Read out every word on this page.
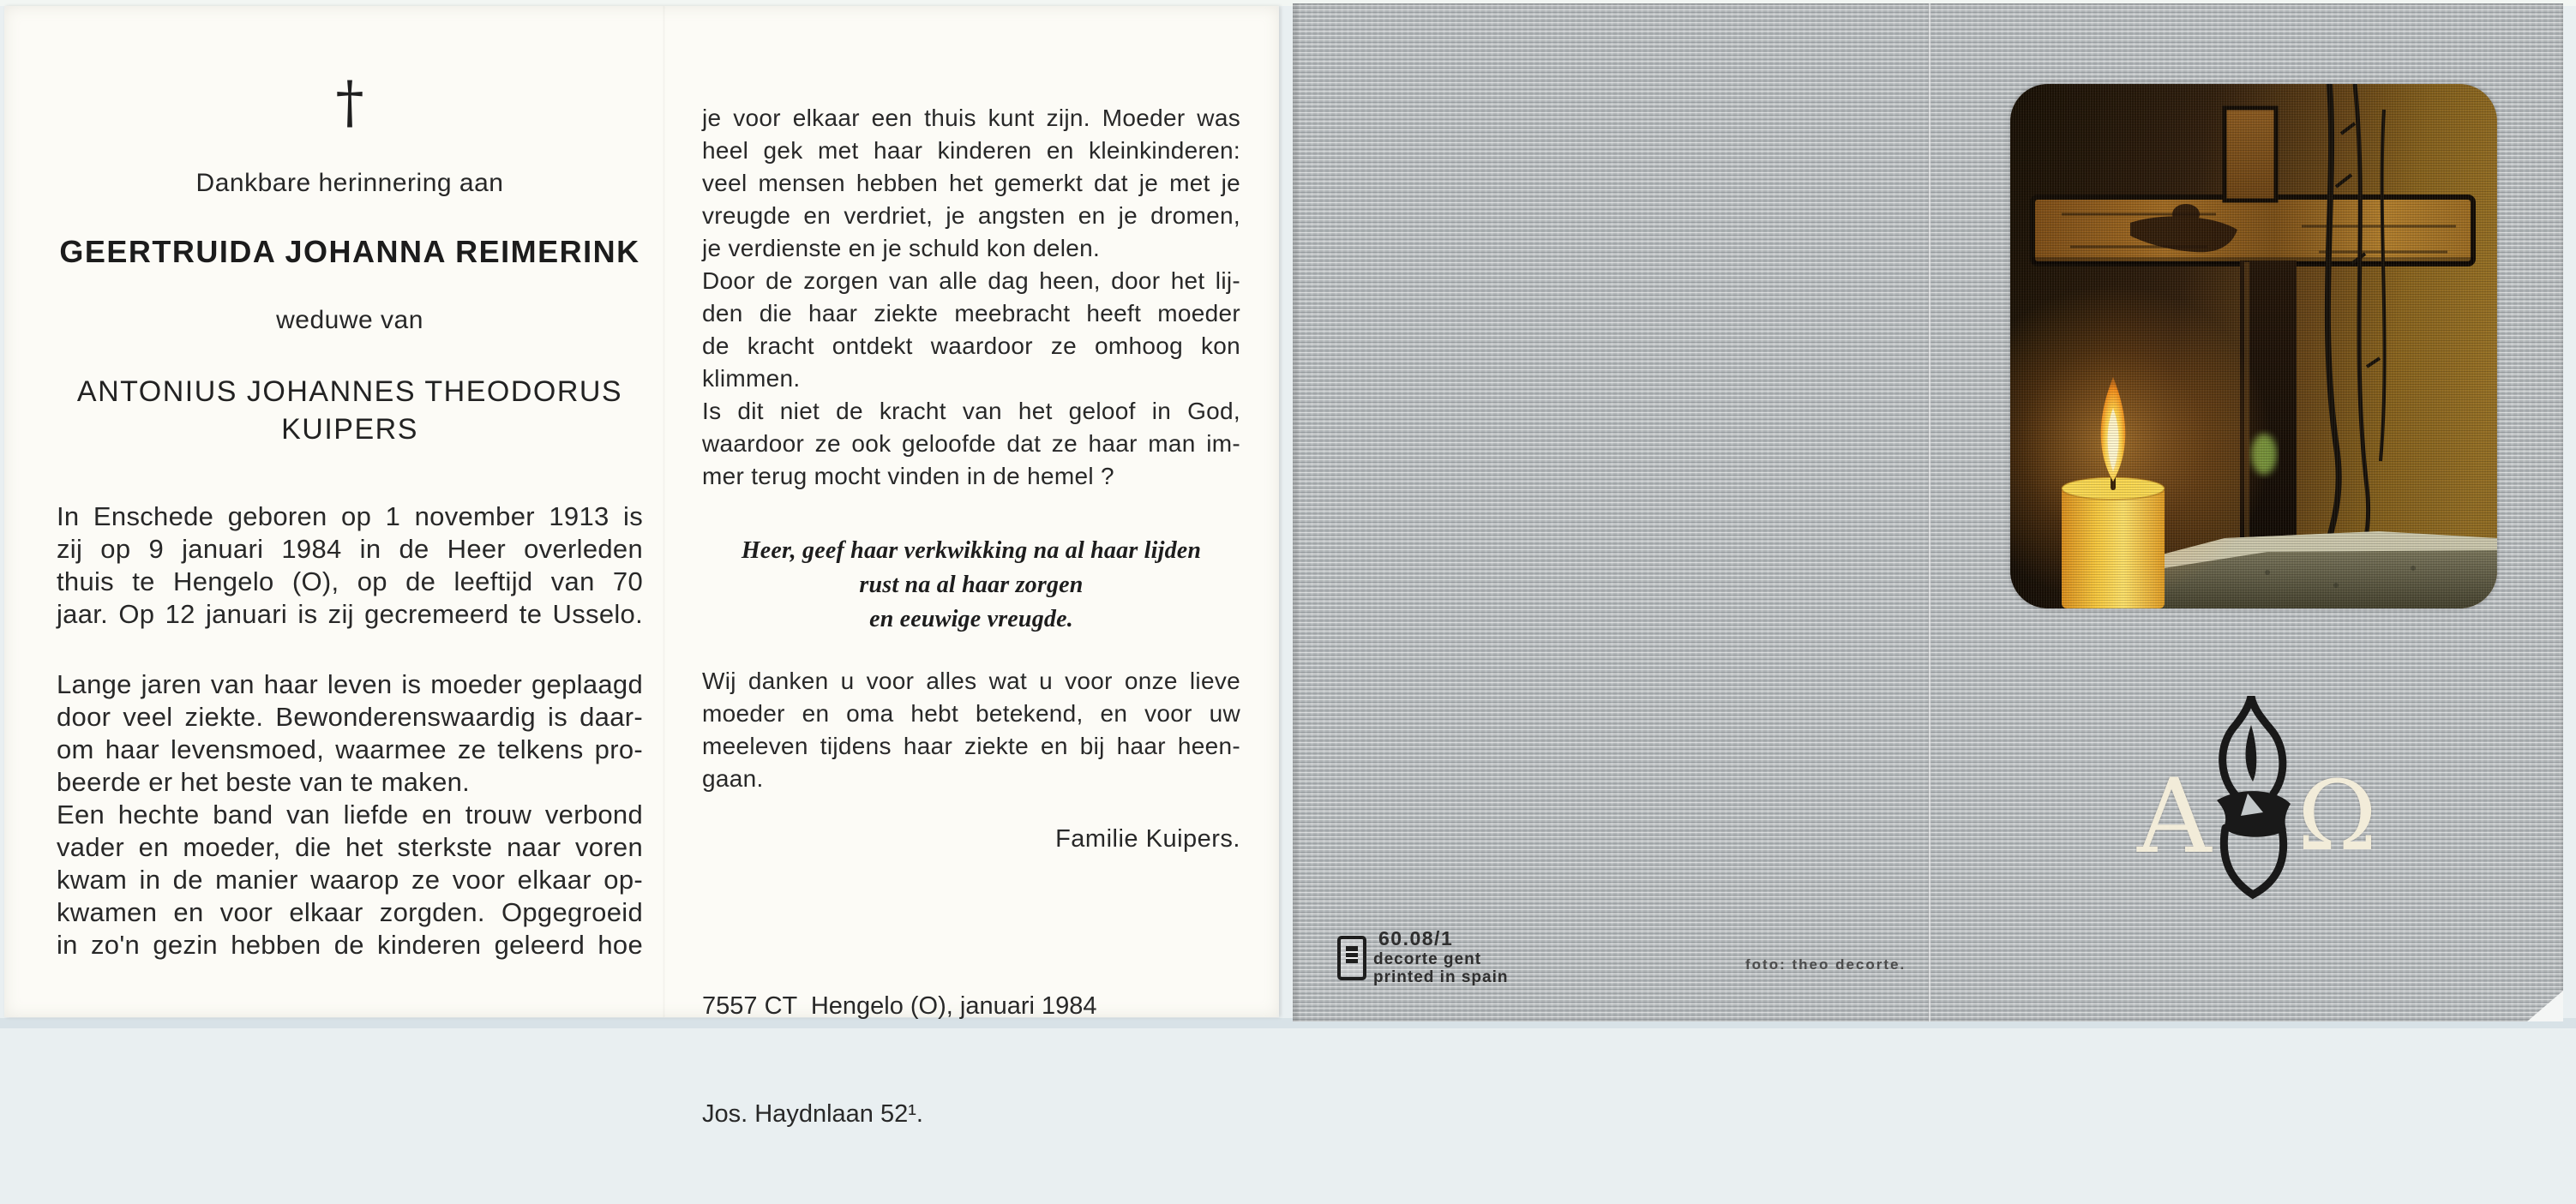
†
Dankbare herinnering aan
GEERTRUIDA JOHANNA REIMERINK
weduwe van
ANTONIUS JOHANNES THEODORUS
KUIPERS
In Enschede geboren op 1 november 1913 is
zij op 9 januari 1984 in de Heer overleden
thuis te Hengelo (O), op de leeftijd van 70
jaar. Op 12 januari is zij gecremeerd te Usselo.
Lange jaren van haar leven is moeder geplaagd
door veel ziekte. Bewonderenswaardig is daar-
om haar levensmoed, waarmee ze telkens pro-
beerde er het beste van te maken.
Een hechte band van liefde en trouw verbond
vader en moeder, die het sterkste naar voren
kwam in de manier waarop ze voor elkaar op-
kwamen en voor elkaar zorgden. Opgegroeid
in zo'n gezin hebben de kinderen geleerd hoe
je voor elkaar een thuis kunt zijn. Moeder was
heel gek met haar kinderen en kleinkinderen:
veel mensen hebben het gemerkt dat je met je
vreugde en verdriet, je angsten en je dromen,
je verdienste en je schuld kon delen.
Door de zorgen van alle dag heen, door het lij-
den die haar ziekte meebracht heeft moeder
de kracht ontdekt waardoor ze omhoog kon
klimmen.
Is dit niet de kracht van het geloof in God,
waardoor ze ook geloofde dat ze haar man im-
mer terug mocht vinden in de hemel ?
Heer, geef haar verkwikking na al haar lijden
rust na al haar zorgen
en eeuwige vreugde.
Wij danken u voor alles wat u voor onze lieve
moeder en oma hebt betekend, en voor uw
meeleven tijdens haar ziekte en bij haar heen-
gaan.
Familie Kuipers.

7557 CT  Hengelo (O), januari 1984

Jos. Haydnlaan 52¹.

A Ω
60.08/1
decorte gent
printed in spain
foto: theo decorte.
